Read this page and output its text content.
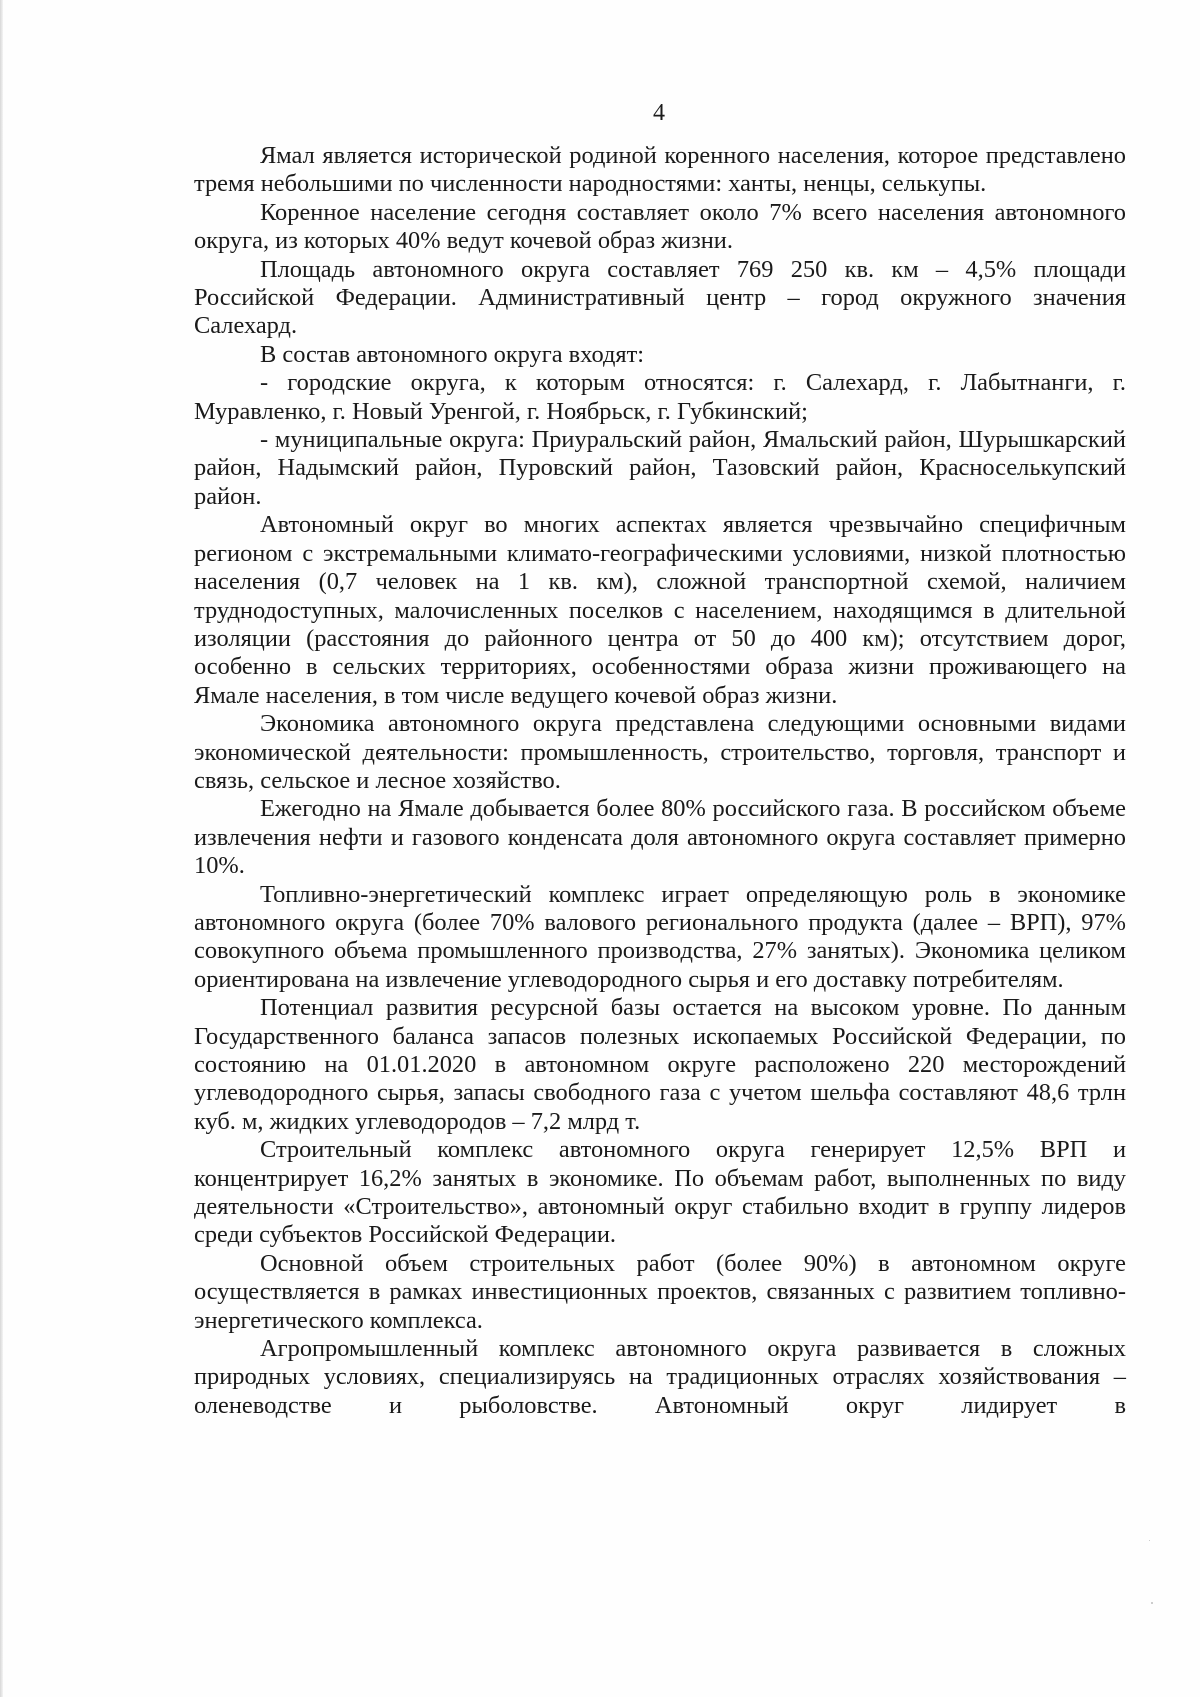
4

Ямал является исторической родиной коренного населения, которое представлено тремя небольшими по численности народностями: ханты, ненцы, селькупы.

Коренное население сегодня составляет около 7% всего населения автономного округа, из которых 40% ведут кочевой образ жизни.

Площадь автономного округа составляет 769 250 кв. км – 4,5% площади Российской Федерации. Административный центр – город окружного значения Салехард.

В состав автономного округа входят:

- городские округа, к которым относятся: г. Салехард, г. Лабытнанги, г. Муравленко, г. Новый Уренгой, г. Ноябрьск, г. Губкинский;

- муниципальные округа: Приуральский район, Ямальский район, Шурышкарский район, Надымский район, Пуровский район, Тазовский район, Красноселькупский район.

Автономный округ во многих аспектах является чрезвычайно специфичным регионом с экстремальными климато-географическими условиями, низкой плотностью населения (0,7 человек на 1 кв. км), сложной транспортной схемой, наличием труднодоступных, малочисленных поселков с населением, находящимся в длительной изоляции (расстояния до районного центра от 50 до 400 км); отсутствием дорог, особенно в сельских территориях, особенностями образа жизни проживающего на Ямале населения, в том числе ведущего кочевой образ жизни.

Экономика автономного округа представлена следующими основными видами экономической деятельности: промышленность, строительство, торговля, транспорт и связь, сельское и лесное хозяйство.

Ежегодно на Ямале добывается более 80% российского газа. В российском объеме извлечения нефти и газового конденсата доля автономного округа составляет примерно 10%.

Топливно-энергетический комплекс играет определяющую роль в экономике автономного округа (более 70% валового регионального продукта (далее – ВРП), 97% совокупного объема промышленного производства, 27% занятых). Экономика целиком ориентирована на извлечение углеводородного сырья и его доставку потребителям.

Потенциал развития ресурсной базы остается на высоком уровне. По данным Государственного баланса запасов полезных ископаемых Российской Федерации, по состоянию на 01.01.2020 в автономном округе расположено 220 месторождений углеводородного сырья, запасы свободного газа с учетом шельфа составляют 48,6 трлн куб. м, жидких углеводородов – 7,2 млрд т.

Строительный комплекс автономного округа генерирует 12,5% ВРП и концентрирует 16,2% занятых в экономике. По объемам работ, выполненных по виду деятельности «Строительство», автономный округ стабильно входит в группу лидеров среди субъектов Российской Федерации.

Основной объем строительных работ (более 90%) в автономном округе осуществляется в рамках инвестиционных проектов, связанных с развитием топливно-энергетического комплекса.

Агропромышленный комплекс автономного округа развивается в сложных природных условиях, специализируясь на традиционных отраслях хозяйствования – оленеводстве и рыболовстве. Автономный округ лидирует в
